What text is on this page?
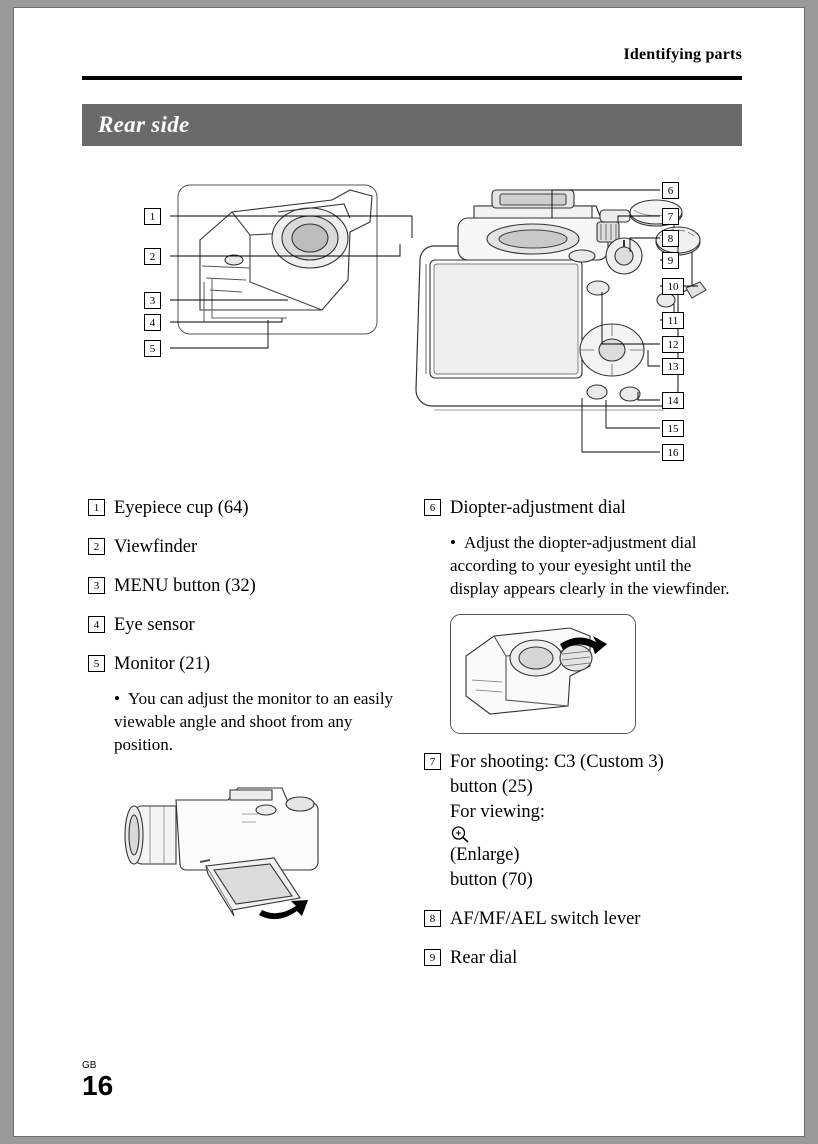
Identifying parts
Rear side
1
2
3
4
5
6
7
8
9
10
11
12
13
14
15
16
1 Eyepiece cup (64)
2 Viewfinder
3 MENU button (32)
4 Eye sensor
5 Monitor (21)
• You can adjust the monitor to an easily viewable angle and shoot from any position.
6 Diopter-adjustment dial
• Adjust the diopter-adjustment dial according to your eyesight until the display appears clearly in the viewfinder.
7 For shooting: C3 (Custom 3)
button (25)
For viewing:
(Enlarge)
button (70)
8 AF/MF/AEL switch lever
9 Rear dial
GB
16
